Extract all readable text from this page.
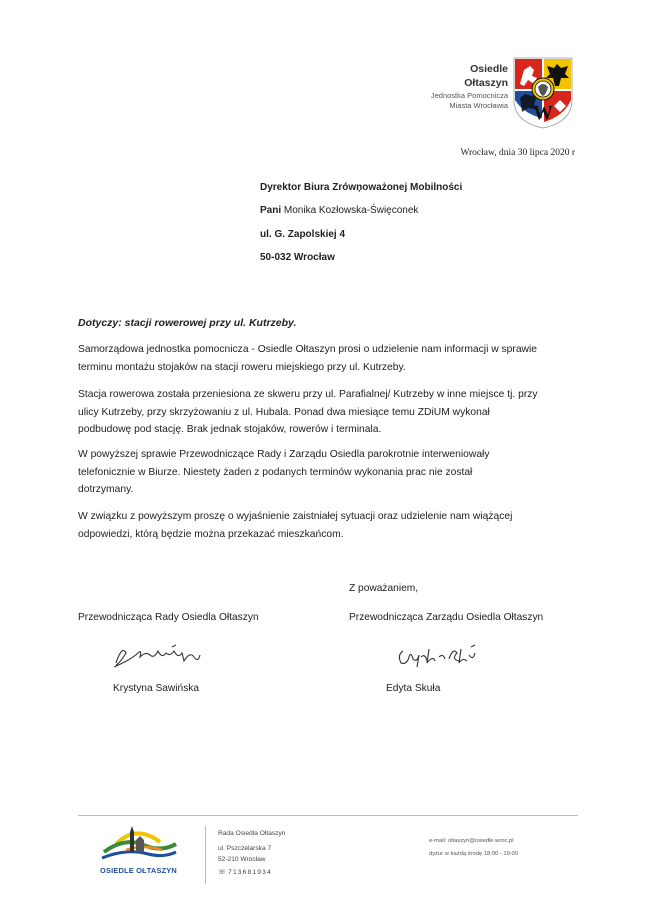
Osiedle
Ołtaszyn
Jednostka Pomocnicza
Miasta Wrocławia W
Wrocław, dnia 30 lipca 2020 r
Dyrektor Biura Zrówņoważonej Mobilności
Pani Monika Kozłowska-Święconek
ul. G. Zapolskiej 4
50-032 Wrocław
Dotyczy: stacji rowerowej przy ul. Kutrzeby.

Samorządowa jednostka pomocnicza - Osiedle Ołtaszyn prosi o udzielenie nam informacji w sprawie

terminu montażu stojaków na stacji roweru miejskiego przy ul. Kutrzeby.

Stacja rowerowa została przeniesiona ze skweru przy ul. Parafialnej/ Kutrzeby w inne miejsce tj. przy

ulicy Kutrzeby, przy skrzyżowaniu z ul. Hubala. Ponad dwa miesiące temu ZDiUM wykonał

podbudowę pod stację. Brak jednak stojaków, rowerów i terminala.

W powyższej sprawie Przewodniczące Rady i Zarządu Osiedla parokrotnie interweniowały

telefonicznie w Biurze. Niestety żaden z podanych terminów wykonania prac nie został

dotrzymany.

W związku z powyższym proszę o wyjaśnienie zaistniałej sytuacji oraz udzielenie nam wiążącej

odpowiedzi, którą będzie można przekazać mieszkańcom.

Z poważaniem,
Przewodnicząca Rady Osiedla Ołtaszyn	Przewodnicząca Zarządu Osiedla Ołtaszyn
Krystyna Sawińska	Edyta Skuła
OSIEDLE OŁTASZYN
Rada Osiedla Ołtaszyn
ul. Pszczelarska 7
52-210 Wrocław
☏ 713681934
e-mail: oltaszyn@osiedle.wroc.pl
dyżur w każdą środę 18:00 - 19:00
